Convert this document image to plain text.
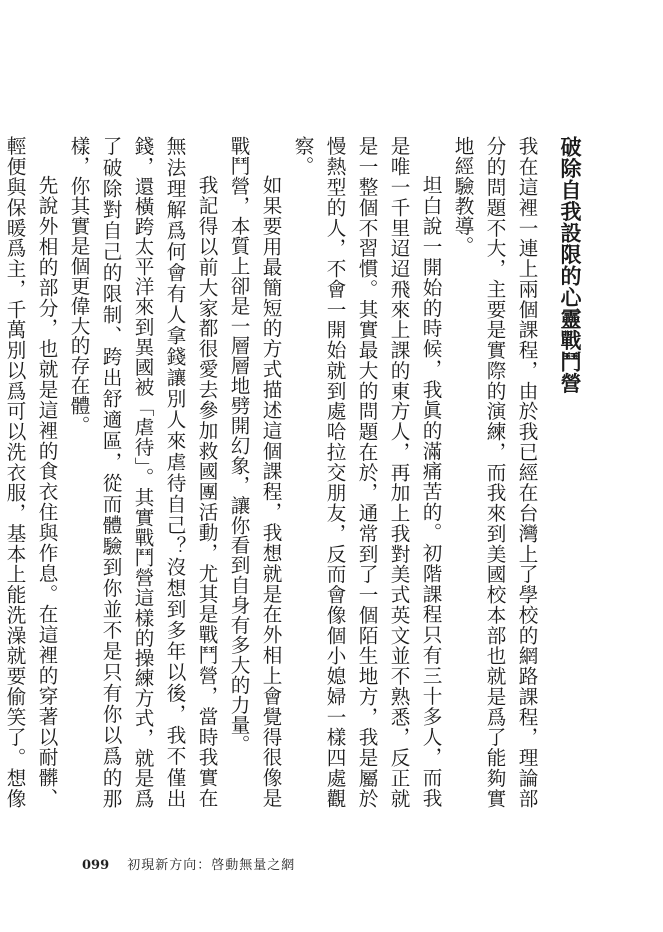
破除自我設限的心靈戰鬥營

我在這裡一連上兩個課程，由於我已經在台灣上了學校的網路課程，理論部分的問題不大，主要是實際的演練，而我來到美國校本部也就是爲了能夠實地經驗教導。

坦白說一開始的時候，我眞的滿痛苦的。初階課程只有三十多人，而我是唯一千里迢迢飛來上課的東方人，再加上我對美式英文並不熟悉，反正就是一整個不習慣。其實最大的問題在於，通常到了一個陌生地方，我是屬於慢熱型的人，不會一開始就到處哈拉交朋友，反而會像個小媳婦一樣四處觀察。

如果要用最簡短的方式描述這個課程，我想就是在外相上會覺得很像是戰鬥營，本質上卻是一層層地劈開幻象，讓你看到自身有多大的力量。

我記得以前大家都很愛去參加救國團活動，尤其是戰鬥營，當時我實在無法理解爲何會有人拿錢讓別人來虐待自己？沒想到多年以後，我不僅出錢，還橫跨太平洋來到異國被「虐待」。其實戰鬥營這樣的操練方式，就是爲了破除對自己的限制、跨出舒適區，從而體驗到你並不是只有你以爲的那樣，你其實是個更偉大的存在體。

先說外相的部分，也就是這裡的食衣住與作息。在這裡的穿著以耐髒、輕便與保暖爲主，千萬別以爲可以洗衣服，基本上能洗澡就要偷笑了。想像

099 初現新方向：啓動無量之網
